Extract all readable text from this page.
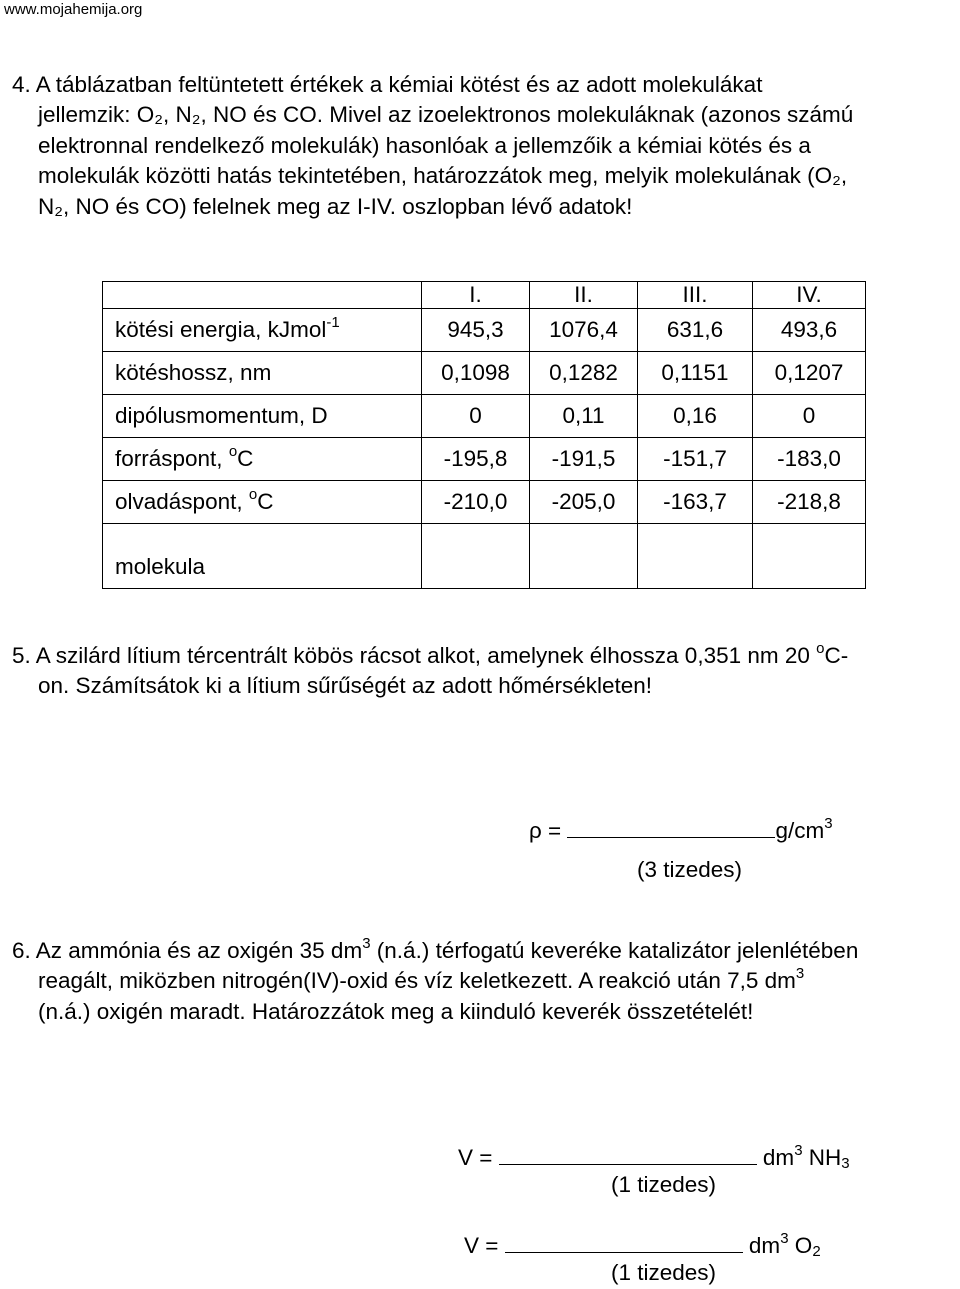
www.mojahemija.org
4. A táblázatban feltüntetett értékek a kémiai kötést és az adott molekulákat
jellemzik: O₂, N₂, NO és CO. Mivel az izoelektronos molekuláknak (azonos számú
elektronnal rendelkező molekulák) hasonlóak a jellemzőik a kémiai kötés és a
molekulák közötti hatás tekintetében, határozzátok meg, melyik molekulának (O₂,
N₂, NO és CO) felelnek meg az I-IV. oszlopban lévő adatok!
	I.	II.	III.	IV.
kötési energia, kJmol$^{-1}$	945,3	1076,4	631,6	493,6
kötéshossz, nm	0,1098	0,1282	0,1151	0,1207
dipólusmomentum, D	0	0,11	0,16	0
forráspont, $^o$C	-195,8	-191,5	-151,7	-183,0
olvadáspont, $^o$C	-210,0	-205,0	-163,7	-218,8
molekula				
5. A szilárd lítium tércentrált köbös rácsot alkot, amelynek élhossza 0,351 nm 20 $^o$C-
on. Számítsátok ki a lítium sűrűségét az adott hőmérsékleten!
ρ =	$g/cm^3$
(3 tizedes)
6. Az ammónia és az oxigén 35 $dm^3$ (n.á.) térfogatú keveréke katalizátor jelenlétében
reagált, miközben nitrogén(IV)-oxid és víz keletkezett. A reakció után 7,5 $dm^3$
(n.á.) oxigén maradt. Határozzátok meg a kiinduló keverék összetételét!
V =	$dm^3$ $NH_3$
(1 tizedes)
V =	$dm^3$ $O_2$
(1 tizedes)
